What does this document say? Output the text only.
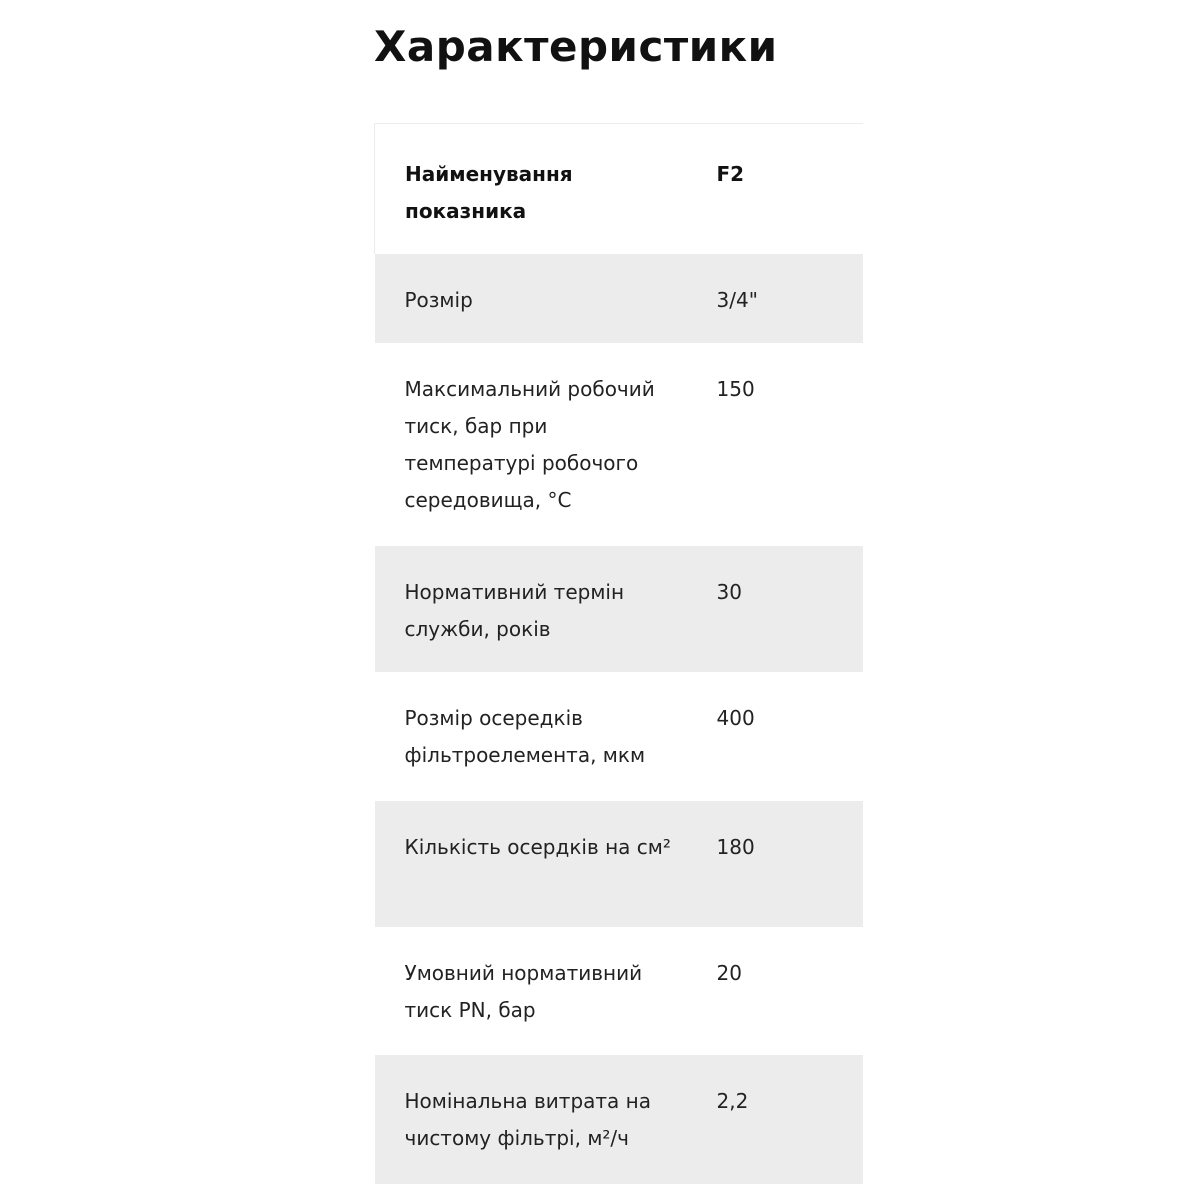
Характеристики
Найменування показника	F2
Розмір	3/4"
Максимальний робочий тиск, бар при температурі робочого середовища, °С	150
Нормативний термін служби, років	30
Розмір осередків фільтроелемента, мкм	400
Кількість осердків на см²	180
Умовний нормативний тиск PN, бар	20
Номінальна витрата на чистому фільтрі, м²/ч	2,2
